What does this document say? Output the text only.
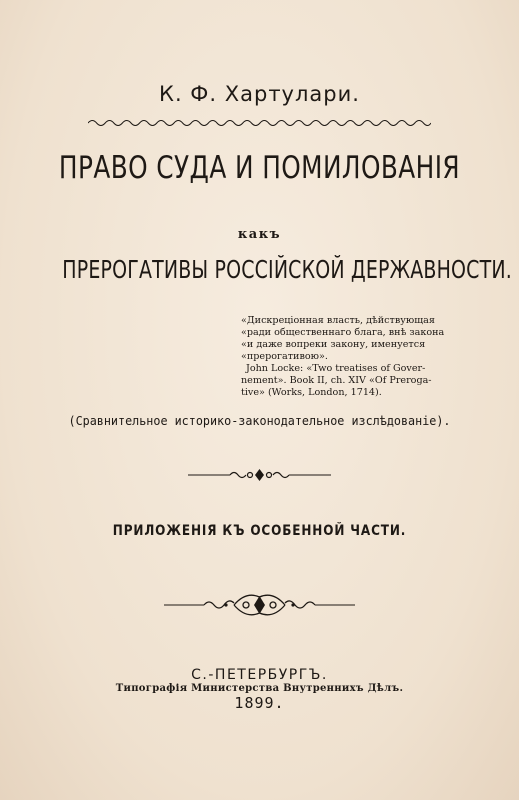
К. Ф. Хартулари.
ПРАВО СУДА И ПОМИЛОВАНІЯ
какъ
ПРЕРОГАТИВЫ РОССІЙСКОЙ ДЕРЖАВНОСТИ.

«Дискреціонная власть, дѣйствующая

«ради общественнаго блага, внѣ закона

«и даже вопреки закону, именуется

«прерогативою».

John Locke: «Two treatises of Gover-

nement». Book II, ch. XIV «Of Preroga-

tive» (Works, London, 1714).

(Сравнительное историко-законодательное изслѣдованіе).
ПРИЛОЖЕНІЯ КЪ ОСОБЕННОЙ ЧАСТИ.
С.-ПЕТЕРБУРГЪ.
Типографія Министерства Внутреннихъ Дѣлъ.
1899.
